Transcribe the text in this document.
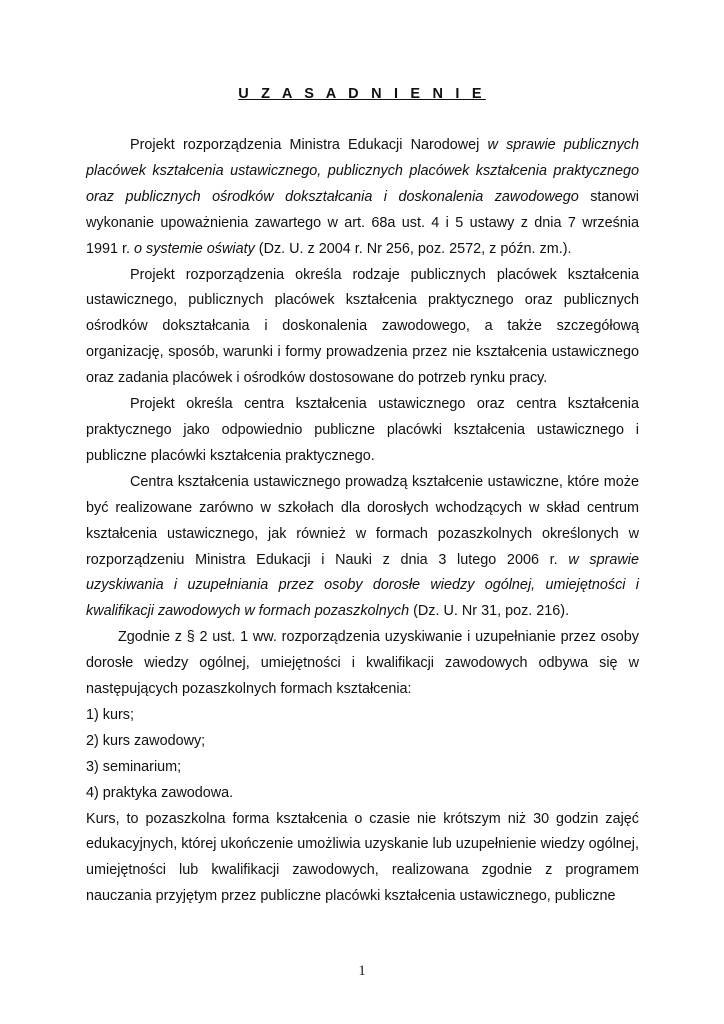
U Z A S A D N I E N I E

Projekt rozporządzenia Ministra Edukacji Narodowej w sprawie publicznych placówek kształcenia ustawicznego, publicznych placówek kształcenia praktycznego oraz publicznych ośrodków dokształcania i doskonalenia zawodowego stanowi wykonanie upoważnienia zawartego w art. 68a ust. 4 i 5 ustawy z dnia 7 września 1991 r. o systemie oświaty (Dz. U. z 2004 r. Nr 256, poz. 2572, z późn. zm.).

Projekt rozporządzenia określa rodzaje publicznych placówek kształcenia ustawicznego, publicznych placówek kształcenia praktycznego oraz publicznych ośrodków dokształcania i doskonalenia zawodowego, a także szczegółową organizację, sposób, warunki i formy prowadzenia przez nie kształcenia ustawicznego oraz zadania placówek i ośrodków dostosowane do potrzeb rynku pracy.

Projekt określa centra kształcenia ustawicznego oraz centra kształcenia praktycznego jako odpowiednio publiczne placówki kształcenia ustawicznego i publiczne placówki kształcenia praktycznego.

Centra kształcenia ustawicznego prowadzą kształcenie ustawiczne, które może być realizowane zarówno w szkołach dla dorosłych wchodzących w skład centrum kształcenia ustawicznego, jak również w formach pozaszkolnych określonych w rozporządzeniu Ministra Edukacji i Nauki z dnia 3 lutego 2006 r. w sprawie uzyskiwania i uzupełniania przez osoby dorosłe wiedzy ogólnej, umiejętności i kwalifikacji zawodowych w formach pozaszkolnych (Dz. U. Nr 31, poz. 216).

Zgodnie z § 2 ust. 1 ww. rozporządzenia uzyskiwanie i uzupełnianie przez osoby dorosłe wiedzy ogólnej, umiejętności i kwalifikacji zawodowych odbywa się w następujących pozaszkolnych formach kształcenia:

1) kurs;

2) kurs zawodowy;

3) seminarium;

4) praktyka zawodowa.

Kurs, to pozaszkolna forma kształcenia o czasie nie krótszym niż 30 godzin zajęć edukacyjnych, której ukończenie umożliwia uzyskanie lub uzupełnienie wiedzy ogólnej, umiejętności lub kwalifikacji zawodowych, realizowana zgodnie z programem nauczania przyjętym przez publiczne placówki kształcenia ustawicznego, publiczne

1
